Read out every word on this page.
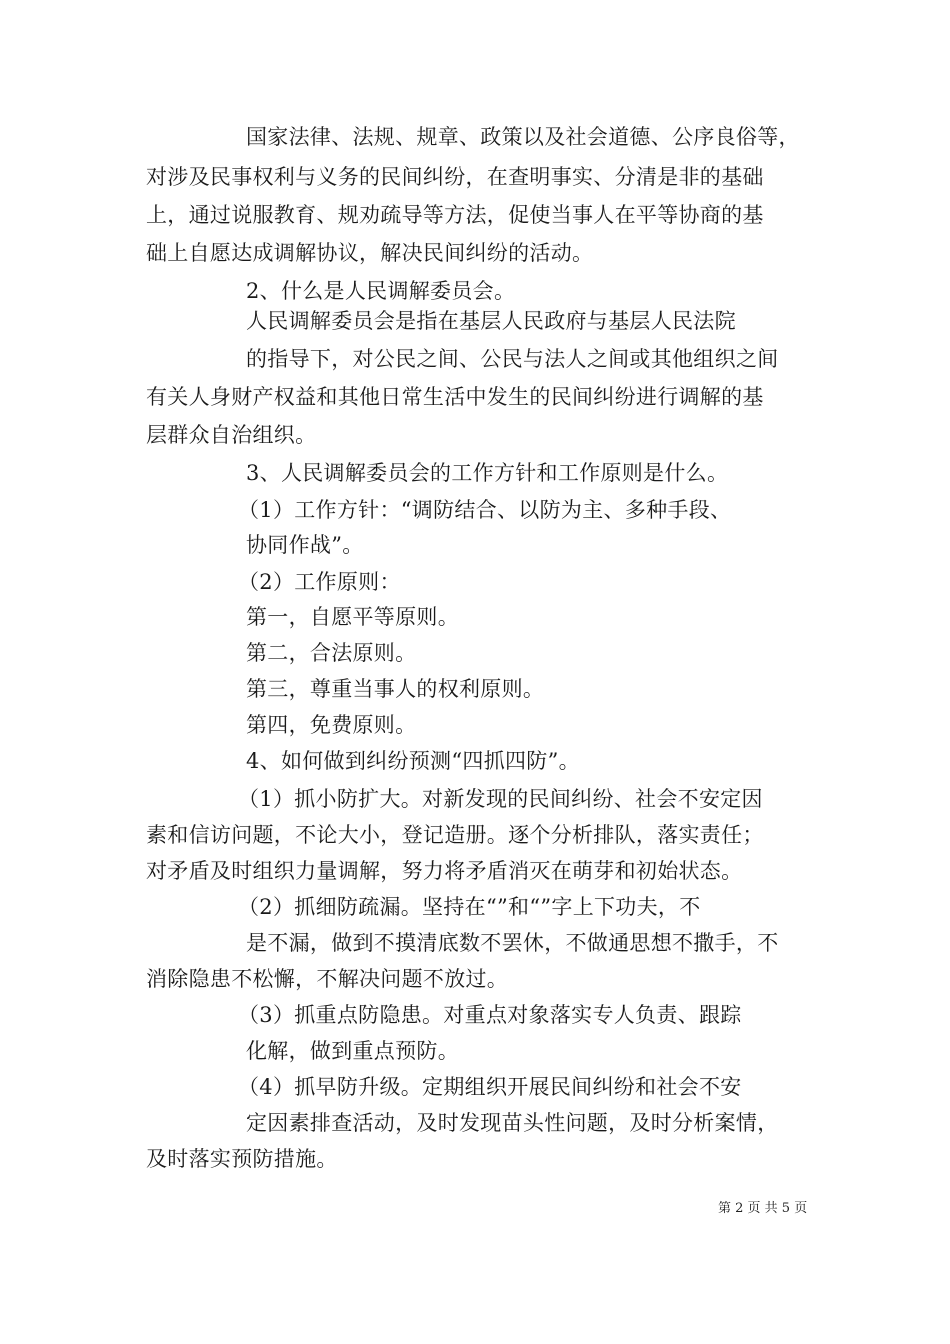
国家法律、法规、规章、政策以及社会道德、公序良俗等，
对涉及民事权利与义务的民间纠纷，在查明事实、分清是非的基础
上，通过说服教育、规劝疏导等方法，促使当事人在平等协商的基
础上自愿达成调解协议，解决民间纠纷的活动。
2、什么是人民调解委员会。
人民调解委员会是指在基层人民政府与基层人民法院
的指导下，对公民之间、公民与法人之间或其他组织之间
有关人身财产权益和其他日常生活中发生的民间纠纷进行调解的基
层群众自治组织。
3、人民调解委员会的工作方针和工作原则是什么。
（1）工作方针：“调防结合、以防为主、多种手段、
协同作战”。
（2）工作原则：
第一，自愿平等原则。
第二，合法原则。
第三，尊重当事人的权利原则。
第四，免费原则。
4、如何做到纠纷预测“四抓四防”。
（1）抓小防扩大。对新发现的民间纠纷、社会不安定因
素和信访问题，不论大小，登记造册。逐个分析排队，落实责任；
对矛盾及时组织力量调解，努力将矛盾消灭在萌芽和初始状态。
（2）抓细防疏漏。坚持在“”和“”字上下功夫，不
是不漏，做到不摸清底数不罢休，不做通思想不撒手，不
消除隐患不松懈，不解决问题不放过。
（3）抓重点防隐患。对重点对象落实专人负责、跟踪
化解，做到重点预防。
（4）抓早防升级。定期组织开展民间纠纷和社会不安
定因素排查活动，及时发现苗头性问题，及时分析案情，
及时落实预防措施。
第 2 页 共 5 页
